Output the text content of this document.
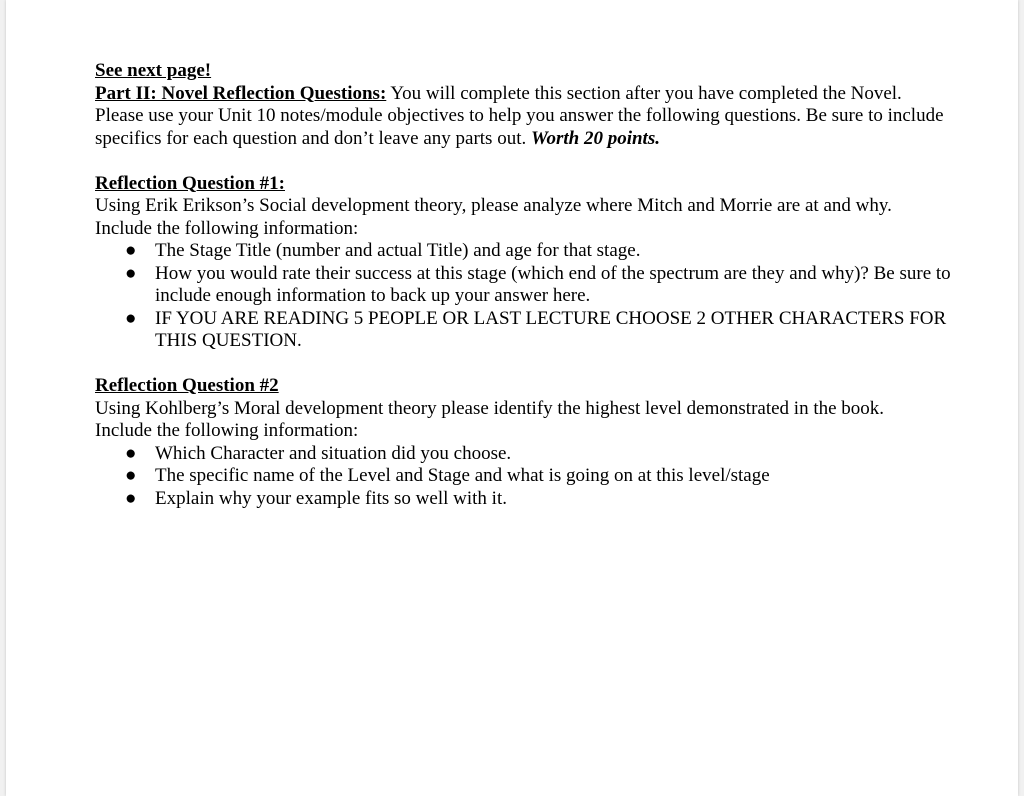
See next page!

Part II: Novel Reflection Questions: You will complete this section after you have completed the Novel. Please use your Unit 10 notes/module objectives to help you answer the following questions. Be sure to include specifics for each question and don’t leave any parts out. Worth 20 points.

Reflection Question #1:

Using Erik Erikson’s Social development theory, please analyze where Mitch and Morrie are at and why.

Include the following information:

● The Stage Title (number and actual Title) and age for that stage.
● How you would rate their success at this stage (which end of the spectrum are they and why)? Be sure to include enough information to back up your answer here.
● IF YOU ARE READING 5 PEOPLE OR LAST LECTURE CHOOSE 2 OTHER CHARACTERS FOR THIS QUESTION.

Reflection Question #2

Using Kohlberg’s Moral development theory please identify the highest level demonstrated in the book.

Include the following information:

● Which Character and situation did you choose.
● The specific name of the Level and Stage and what is going on at this level/stage
● Explain why your example fits so well with it.
